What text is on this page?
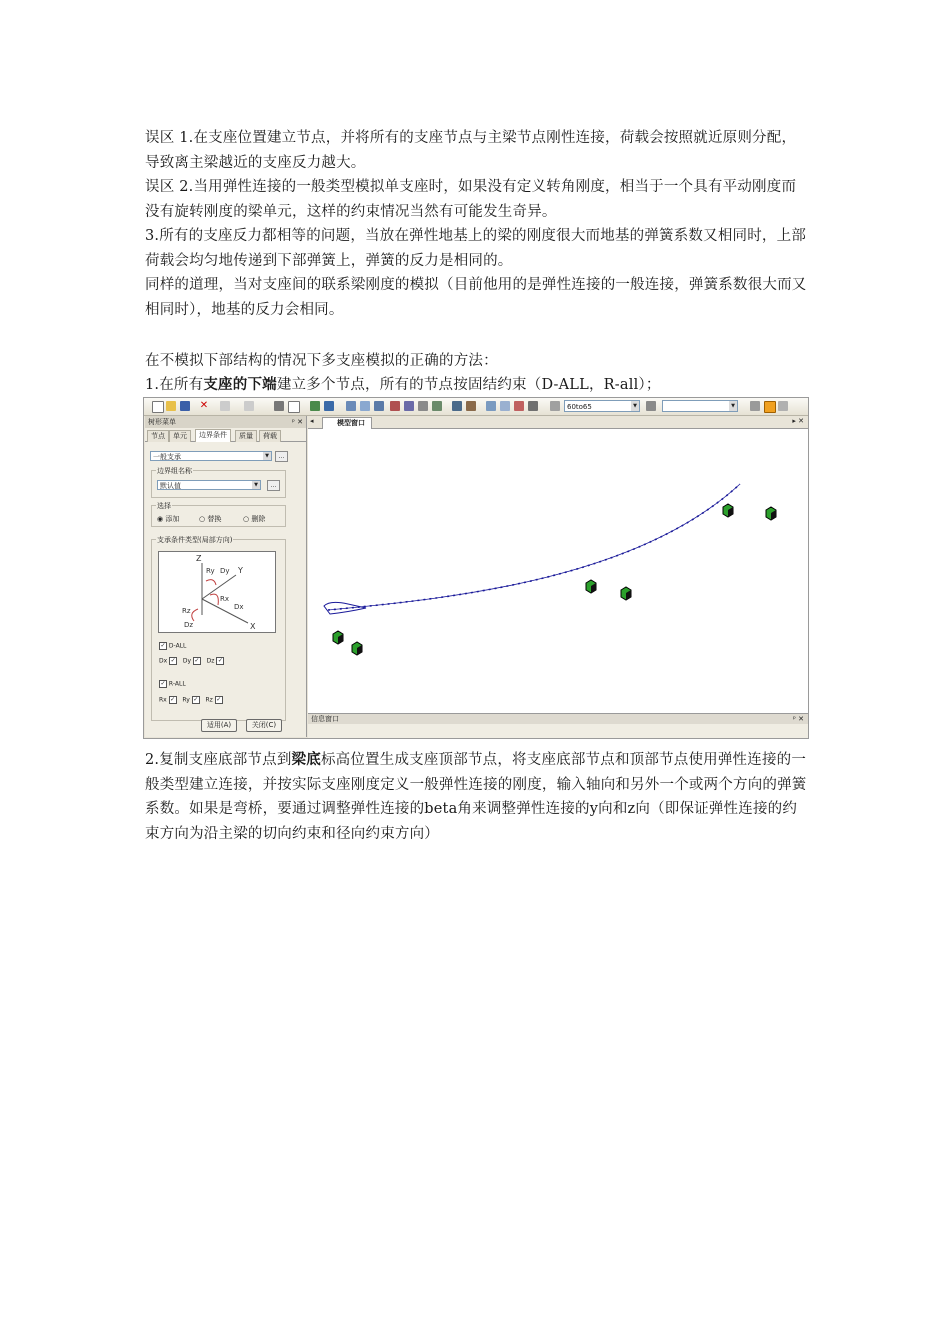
误区 1.在支座位置建立节点，并将所有的支座节点与主梁节点刚性连接，荷载会按照就近原则分配，导致离主梁越近的支座反力越大。
误区 2.当用弹性连接的一般类型模拟单支座时，如果没有定义转角刚度，相当于一个具有平动刚度而没有旋转刚度的梁单元，这样的约束情况当然有可能发生奇异。
3.所有的支座反力都相等的问题，当放在弹性地基上的梁的刚度很大而地基的弹簧系数又相同时，上部荷载会均匀地传递到下部弹簧上，弹簧的反力是相同的。
同样的道理，当对支座间的联系梁刚度的模拟（目前他用的是弹性连接的一般连接，弹簧系数很大而又相同时），地基的反力会相同。
在不模拟下部结构的情况下多支座模拟的正确的方法：
1.在所有支座的下端建立多个节点，所有的节点按固结约束（D-ALL，R-all）；
✕	60to65	▼	▼
树形菜单	ᵖ ✕
节点	单元	边界条件	质量	荷载
一般支承	▼	...
边界组名称
默认值	▼	...
选择
◉ 添加	○ 替换	○ 删除
支承条件类型(局部方向)
Z
Y
X
Ry Dy
Rx
Dx
Rz
Dz
✓ D-ALL
Dx ✓ Dy ✓ Dz ✓
✓ R-ALL
Rx ✓ Ry ✓ Rz ✓
适用(A)	关闭(C)
◂	模型窗口	▸ ✕
信息窗口	ᵖ ✕
2.复制支座底部节点到梁底标高位置生成支座顶部节点，将支座底部节点和顶部节点使用弹性连接的一般类型建立连接，并按实际支座刚度定义一般弹性连接的刚度，输入轴向和另外一个或两个方向的弹簧系数。如果是弯桥，要通过调整弹性连接的beta角来调整弹性连接的y向和z向（即保证弹性连接的约束方向为沿主梁的切向约束和径向约束方向）
